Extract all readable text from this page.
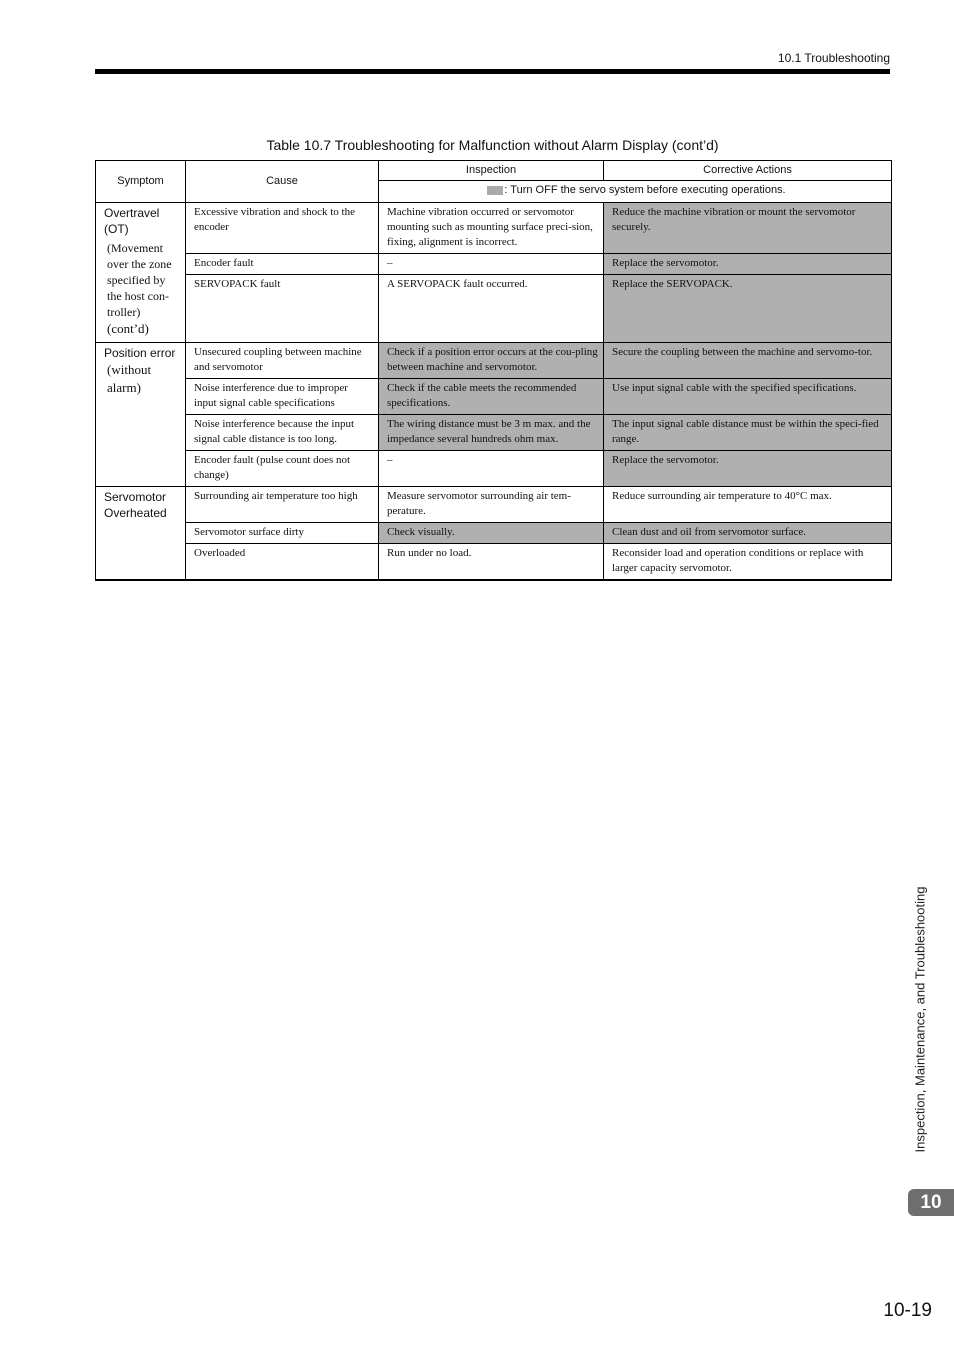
10.1 Troubleshooting
Table 10.7 Troubleshooting for Malfunction without Alarm Display (cont’d)
Symptom	Cause	Inspection	Corrective Actions
		: Turn OFF the servo system before executing operations.	

Overtravel (OT)
(Movement over the zone specified by the host con-troller)
(cont’d)	Excessive vibration and shock to the encoder	Machine vibration occurred or servomotor mounting such as mounting surface preci-sion, fixing, alignment is incorrect.	Reduce the machine vibration or mount the servomotor securely.
	Encoder fault	–	Replace the servomotor.
	SERVOPACK fault	A SERVOPACK fault occurred.	Replace the SERVOPACK.

Position error
(without alarm)	Unsecured coupling between machine and servomotor	Check if a position error occurs at the cou-pling between machine and servomotor.	Secure the coupling between the machine and servomo-tor.
	Noise interference due to improper input signal cable specifications	Check if the cable meets the recommended specifications.	Use input signal cable with the specified specifications.
	Noise interference because the input signal cable distance is too long.	The wiring distance must be 3 m max. and the impedance several hundreds ohm max.	The input signal cable distance must be within the speci-fied range.
	Encoder fault (pulse count does not change)	–	Replace the servomotor.

Servomotor Overheated	Surrounding air temperature too high	Measure servomotor surrounding air tem-perature.	Reduce surrounding air temperature to 40°C max.
	Servomotor surface dirty	Check visually.	Clean dust and oil from servomotor surface.
	Overloaded	Run under no load.	Reconsider load and operation conditions or replace with larger capacity servomotor.
Inspection, Maintenance, and Troubleshooting
10
10-19
